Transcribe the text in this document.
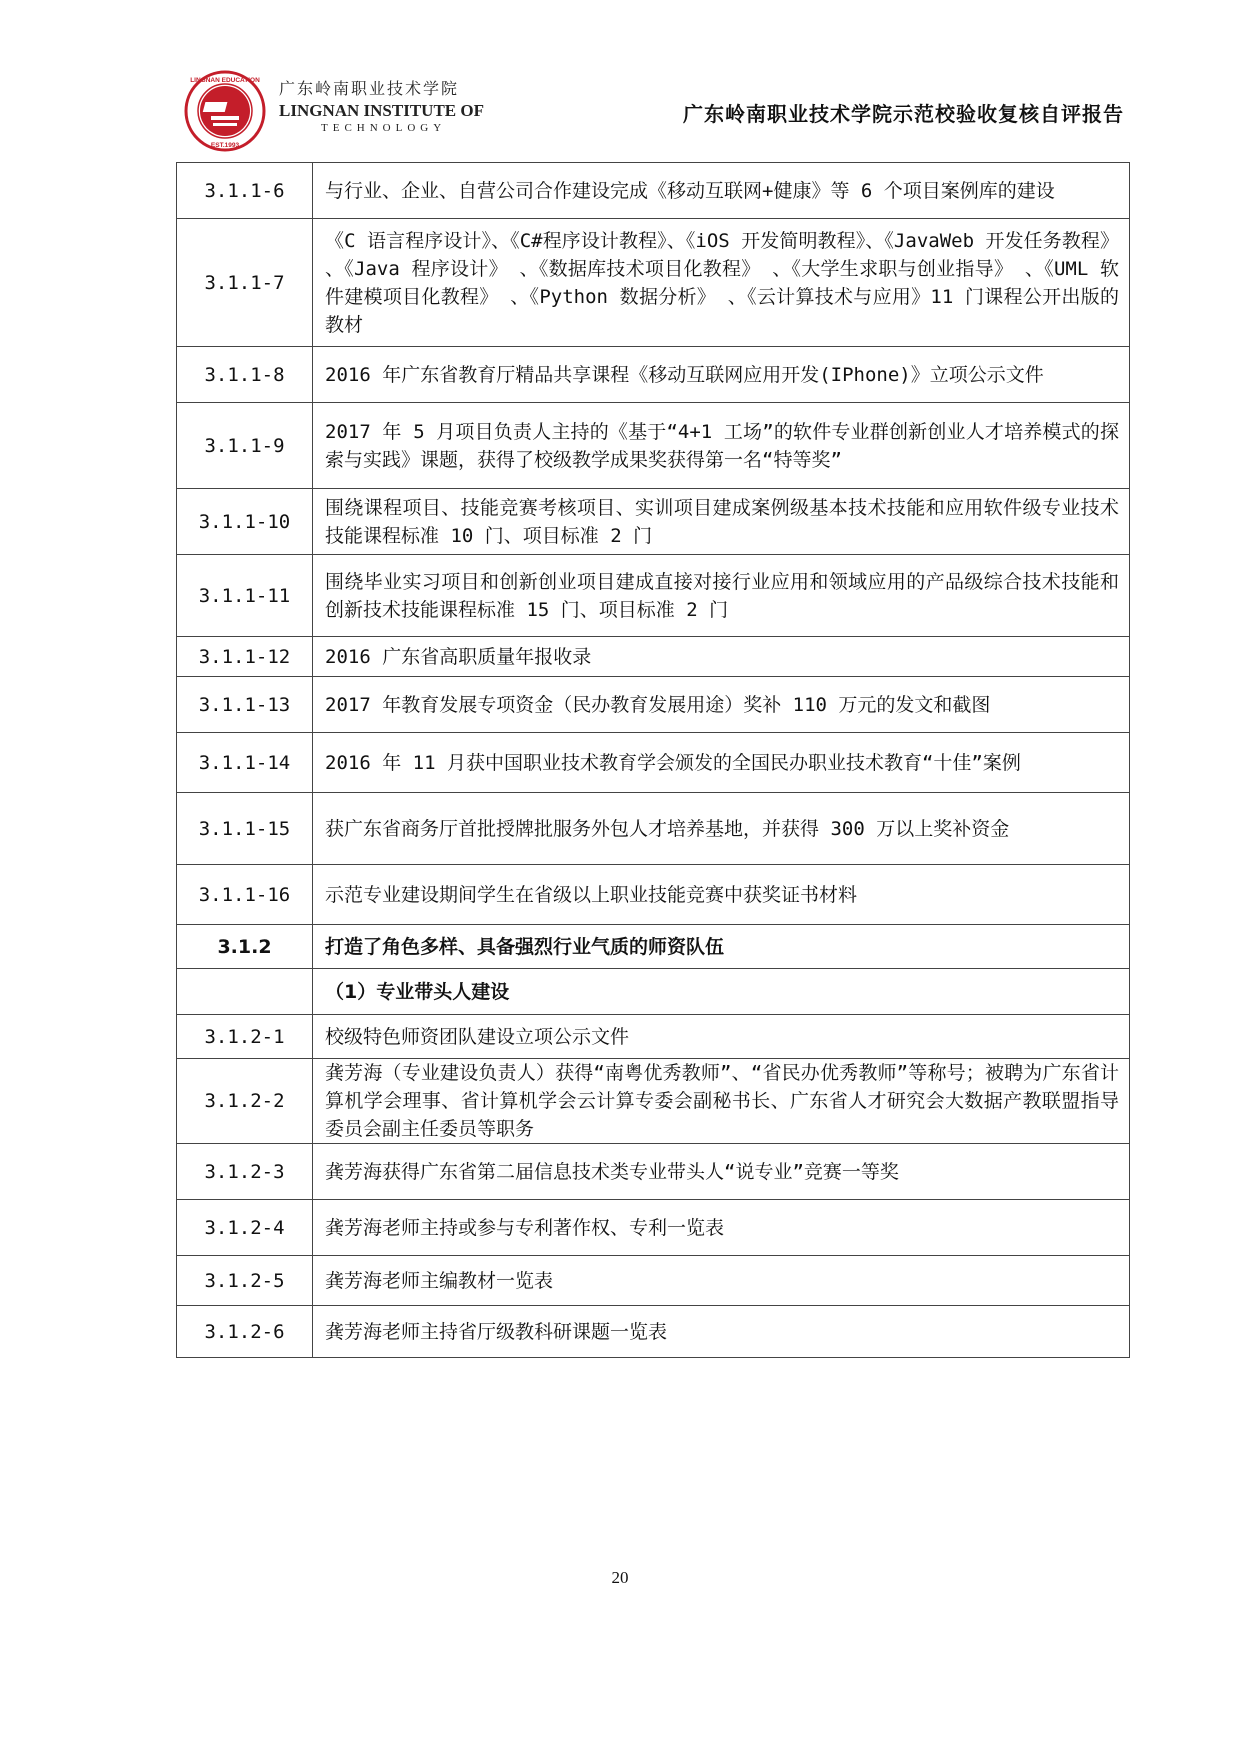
LINGNAN EDUCATION
EST.1993
广东岭南职业技术学院
LINGNAN INSTITUTE OF
TECHNOLOGY
广东岭南职业技术学院示范校验收复核自评报告
3.1.1-6	与行业、企业、自营公司合作建设完成《移动互联网+健康》等 6 个项目案例库的建设
3.1.1-7	《C 语言程序设计》、《C#程序设计教程》、《iOS 开发简明教程》、《JavaWeb 开发任务教程》 、《Java 程序设计》 、《数据库技术项目化教程》 、《大学生求职与创业指导》 、《UML 软件建模项目化教程》 、《Python 数据分析》 、《云计算技术与应用》11 门课程公开出版的教材
3.1.1-8	2016 年广东省教育厅精品共享课程《移动互联网应用开发(IPhone)》立项公示文件
3.1.1-9	2017 年 5 月项目负责人主持的《基于“4+1 工场”的软件专业群创新创业人才培养模式的探索与实践》课题，获得了校级教学成果奖获得第一名“特等奖”
3.1.1-10	围绕课程项目、技能竞赛考核项目、实训项目建成案例级基本技术技能和应用软件级专业技术技能课程标准 10 门、项目标准 2 门
3.1.1-11	围绕毕业实习项目和创新创业项目建成直接对接行业应用和领域应用的产品级综合技术技能和创新技术技能课程标准 15 门、项目标准 2 门
3.1.1-12	2016 广东省高职质量年报收录
3.1.1-13	2017 年教育发展专项资金（民办教育发展用途）奖补 110 万元的发文和截图
3.1.1-14	2016 年 11 月获中国职业技术教育学会颁发的全国民办职业技术教育“十佳”案例
3.1.1-15	获广东省商务厅首批授牌批服务外包人才培养基地，并获得 300 万以上奖补资金
3.1.1-16	示范专业建设期间学生在省级以上职业技能竞赛中获奖证书材料
3.1.2	打造了角色多样、具备强烈行业气质的师资队伍
	（1）专业带头人建设
3.1.2-1	校级特色师资团队建设立项公示文件
3.1.2-2	龚芳海（专业建设负责人）获得“南粤优秀教师”、“省民办优秀教师”等称号；被聘为广东省计算机学会理事、省计算机学会云计算专委会副秘书长、广东省人才研究会大数据产教联盟指导委员会副主任委员等职务
3.1.2-3	龚芳海获得广东省第二届信息技术类专业带头人“说专业”竞赛一等奖
3.1.2-4	龚芳海老师主持或参与专利著作权、专利一览表
3.1.2-5	龚芳海老师主编教材一览表
3.1.2-6	龚芳海老师主持省厅级教科研课题一览表
20
